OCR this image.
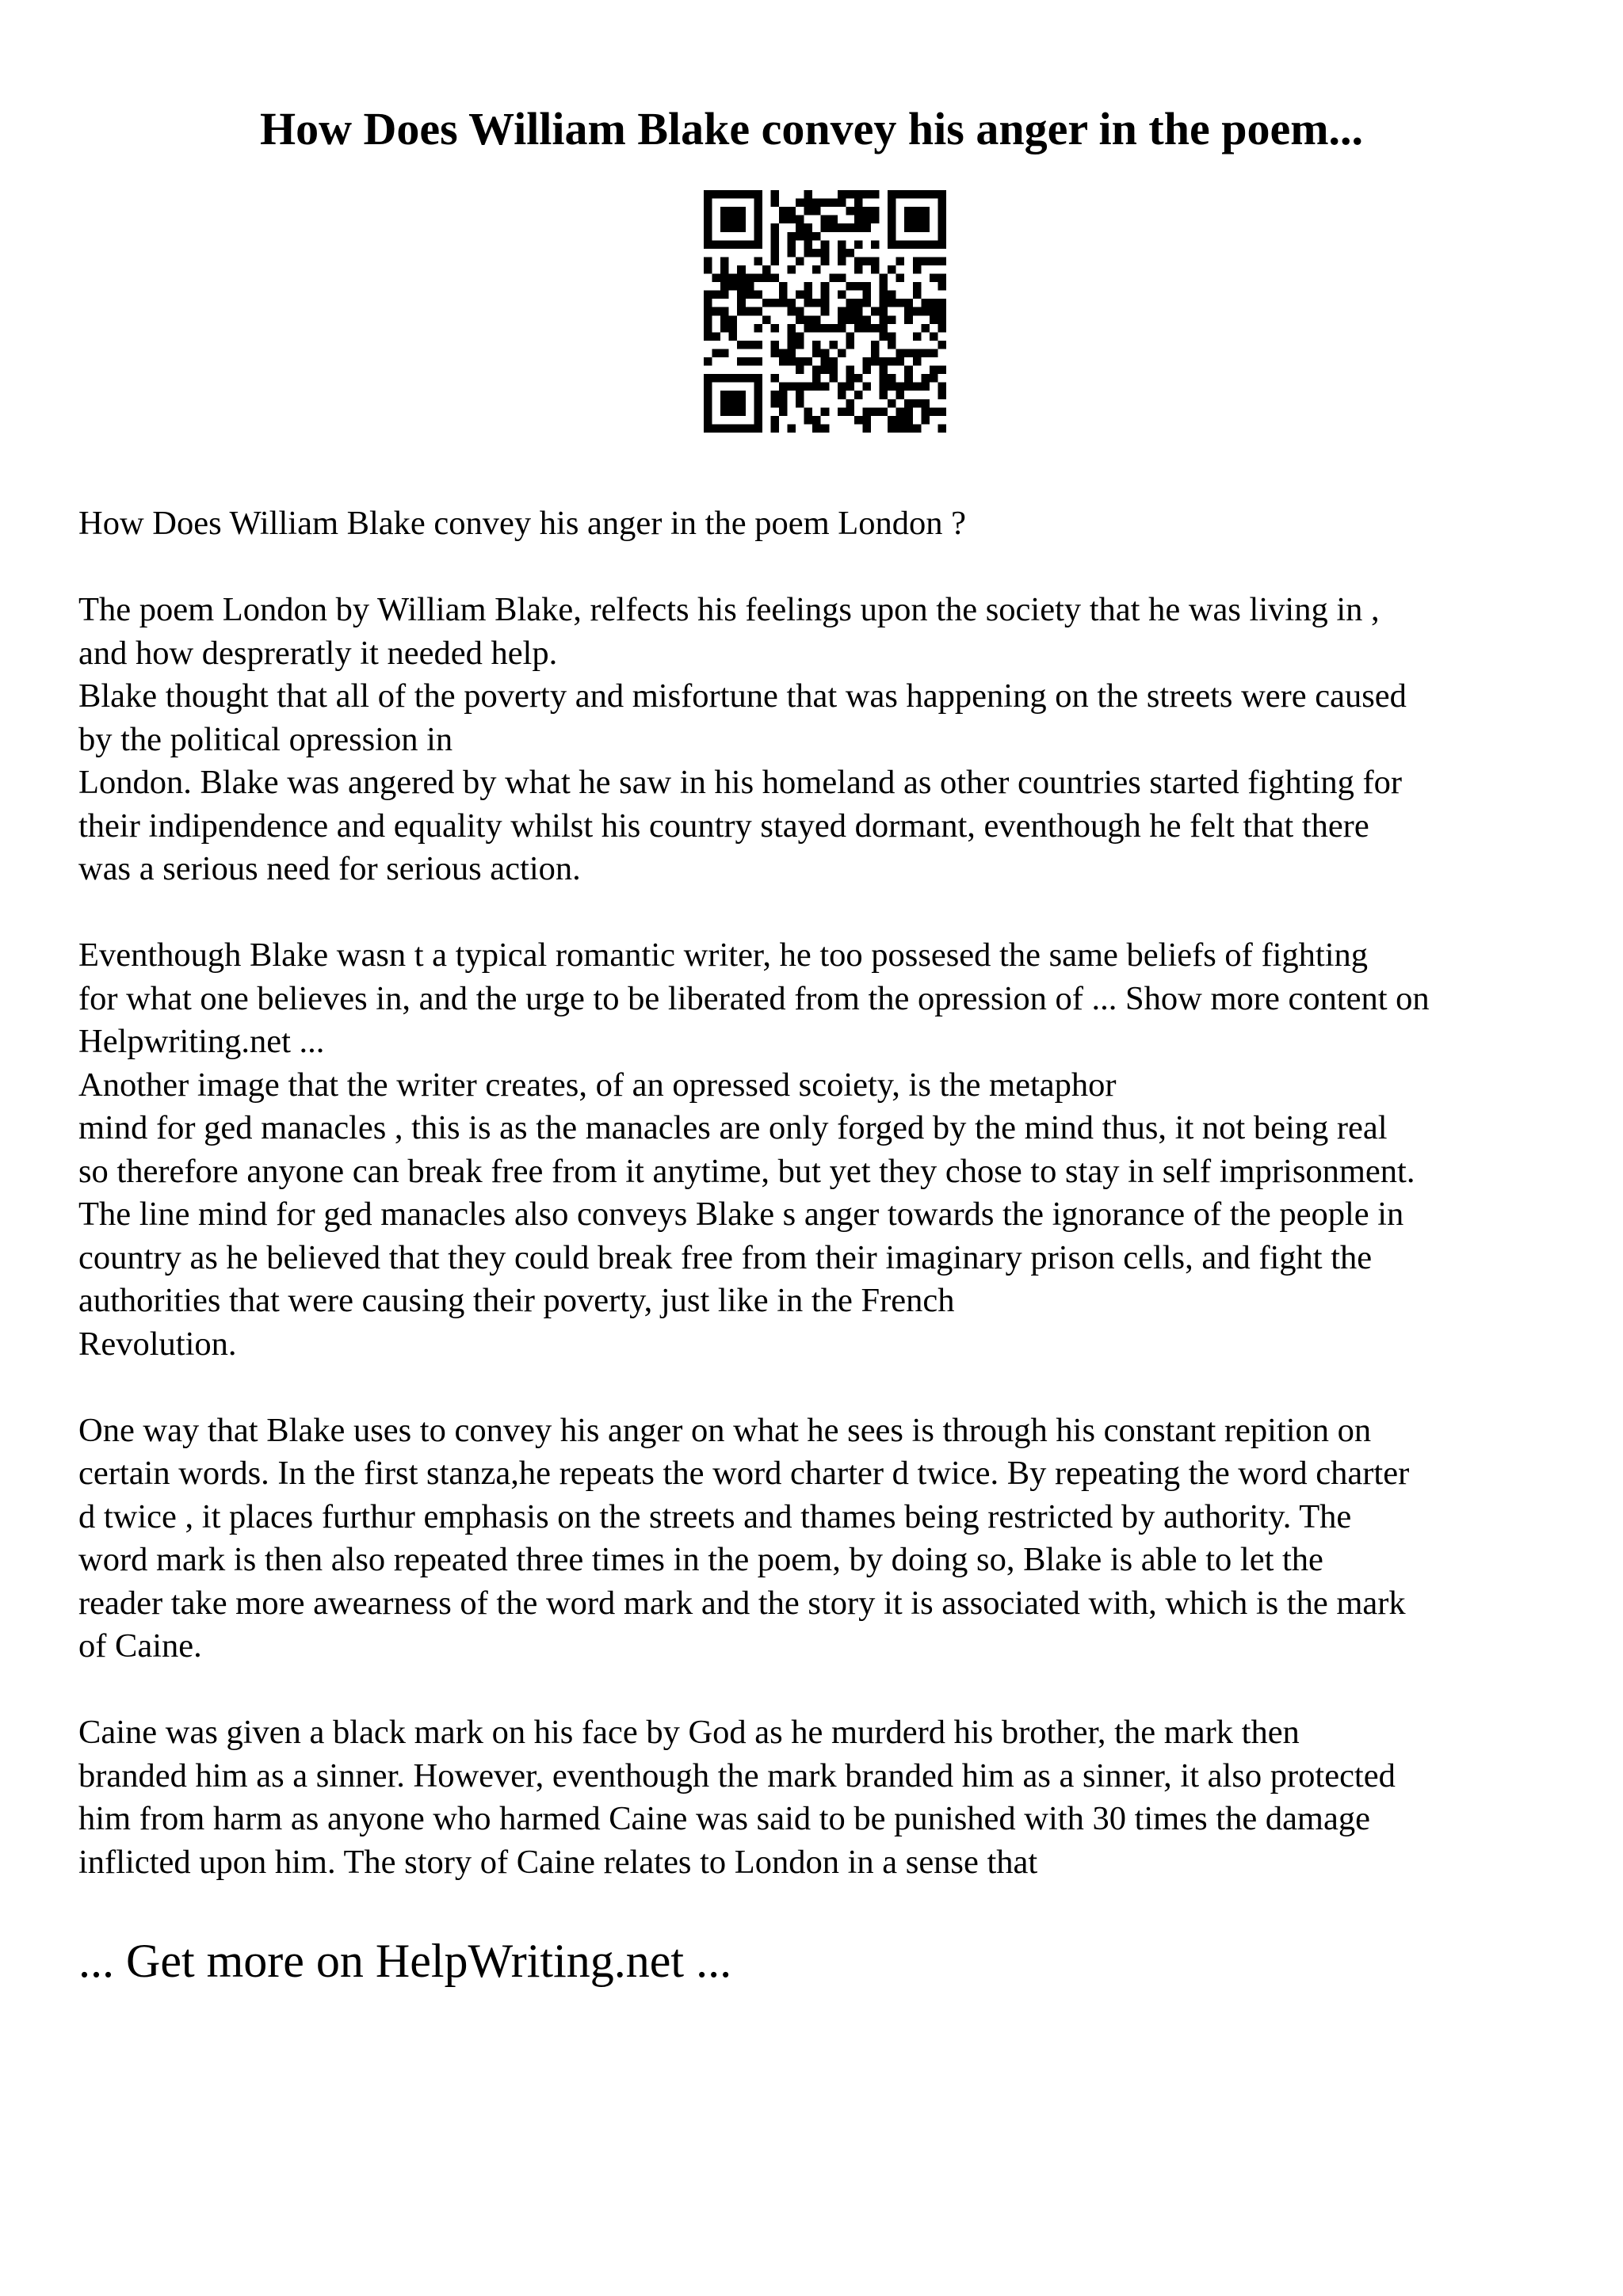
How Does William Blake convey his anger in the poem...

How Does William Blake convey his anger in the poem London ?

The poem London by William Blake, relfects his feelings upon the society that he was living in ,
and how despreratly it needed help.
Blake thought that all of the poverty and misfortune that was happening on the streets were caused
by the political opression in
London. Blake was angered by what he saw in his homeland as other countries started fighting for
their indipendence and equality whilst his country stayed dormant, eventhough he felt that there
was a serious need for serious action.

Eventhough Blake wasn t a typical romantic writer, he too possesed the same beliefs of fighting
for what one believes in, and the urge to be liberated from the opression of ... Show more content on
Helpwriting.net ...
Another image that the writer creates, of an opressed scoiety, is the metaphor
mind for ged manacles , this is as the manacles are only forged by the mind thus, it not being real
so therefore anyone can break free from it anytime, but yet they chose to stay in self imprisonment.
The line mind for ged manacles also conveys Blake s anger towards the ignorance of the people in
country as he believed that they could break free from their imaginary prison cells, and fight the
authorities that were causing their poverty, just like in the French
Revolution.

One way that Blake uses to convey his anger on what he sees is through his constant repition on
certain words. In the first stanza,he repeats the word charter d twice. By repeating the word charter
d twice , it places furthur emphasis on the streets and thames being restricted by authority. The
word mark is then also repeated three times in the poem, by doing so, Blake is able to let the
reader take more awearness of the word mark and the story it is associated with, which is the mark
of Caine.

Caine was given a black mark on his face by God as he murderd his brother, the mark then
branded him as a sinner. However, eventhough the mark branded him as a sinner, it also protected
him from harm as anyone who harmed Caine was said to be punished with 30 times the damage
inflicted upon him. The story of Caine relates to London in a sense that

... Get more on HelpWriting.net ...
